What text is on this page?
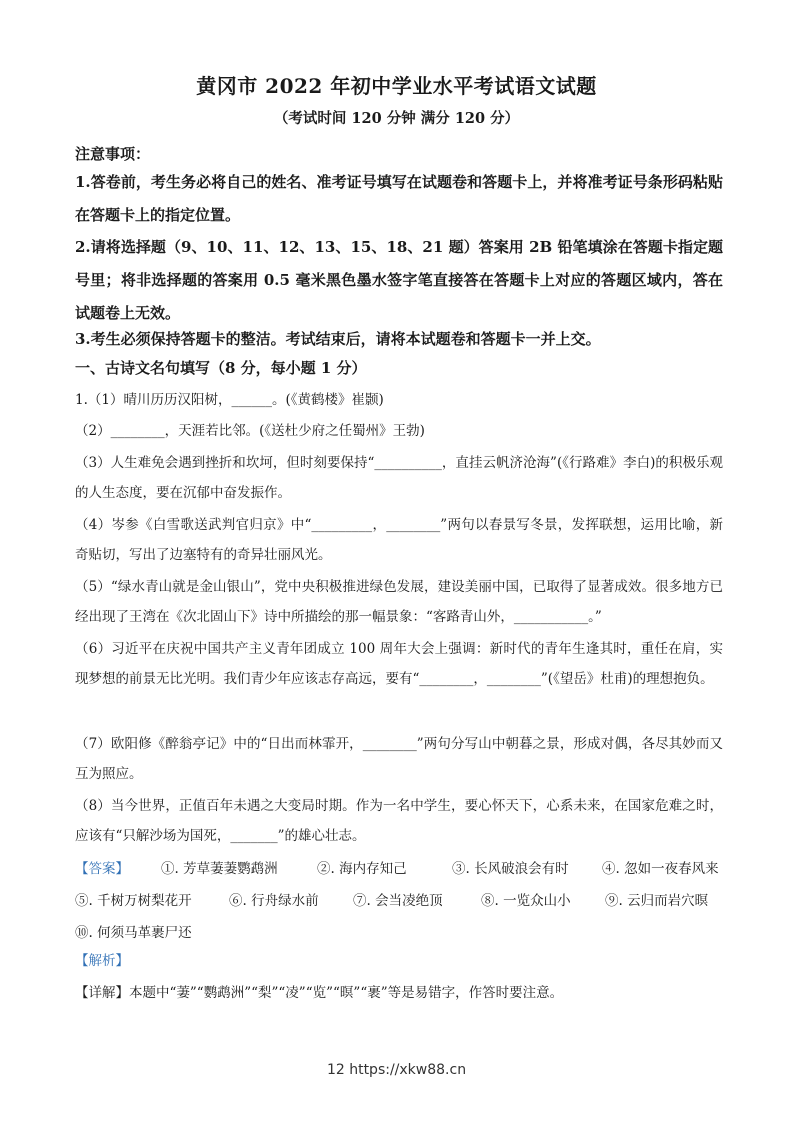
黄冈市 2022 年初中学业水平考试语文试题
（考试时间 120 分钟 满分 120 分）
注意事项：
1.答卷前，考生务必将自己的姓名、准考证号填写在试题卷和答题卡上，并将准考证号条形码粘贴在答题卡上的指定位置。
2.请将选择题（9、10、11、12、13、15、18、21 题）答案用 2B 铅笔填涂在答题卡指定题号里；将非选择题的答案用 0.5 毫米黑色墨水签字笔直接答在答题卡上对应的答题区域内，答在试题卷上无效。
3.考生必须保持答题卡的整洁。考试结束后，请将本试题卷和答题卡一并上交。
一、古诗文名句填写（8 分，每小题 1 分）
1.（1）晴川历历汉阳树，______。(《黄鹤楼》崔颢)
（2）________，天涯若比邻。(《送杜少府之任蜀州》王勃)
（3）人生难免会遇到挫折和坎坷，但时刻要保持“__________，直挂云帆济沧海”(《行路难》李白)的积极乐观的人生态度，要在沉郁中奋发振作。
（4）岑参《白雪歌送武判官归京》中“_________，________”两句以春景写冬景，发挥联想，运用比喻，新奇贴切，写出了边塞特有的奇异壮丽风光。
（5）“绿水青山就是金山银山”，党中央积极推进绿色发展，建设美丽中国，已取得了显著成效。很多地方已经出现了王湾在《次北固山下》诗中所描绘的那一幅景象：“客路青山外，___________。”
（6）习近平在庆祝中国共产主义青年团成立 100 周年大会上强调：新时代的青年生逢其时，重任在肩，实现梦想的前景无比光明。我们青少年应该志存高远，要有“________，________”(《望岳》杜甫)的理想抱负。
（7）欧阳修《醉翁亭记》中的“日出而林霏开，________”两句分写山中朝暮之景，形成对偶，各尽其妙而又互为照应。
（8）当今世界，正值百年未遇之大变局时期。作为一名中学生，要心怀天下，心系未来，在国家危难之时，应该有“只解沙场为国死，_______”的雄心壮志。
【答案】	①. 芳草萋萋鹦鹉洲	②. 海内存知己	③. 长风破浪会有时	④. 忽如一夜春风来
⑤. 千树万树梨花开	⑥. 行舟绿水前	⑦. 会当凌绝顶	⑧. 一览众山小	⑨. 云归而岩穴暝
⑩. 何须马革裹尸还
【解析】
【详解】本题中“萋”“鹦鹉洲”“梨”“凌”“览”“暝”“裹”等是易错字，作答时要注意。
12 https://xkw88.cn
